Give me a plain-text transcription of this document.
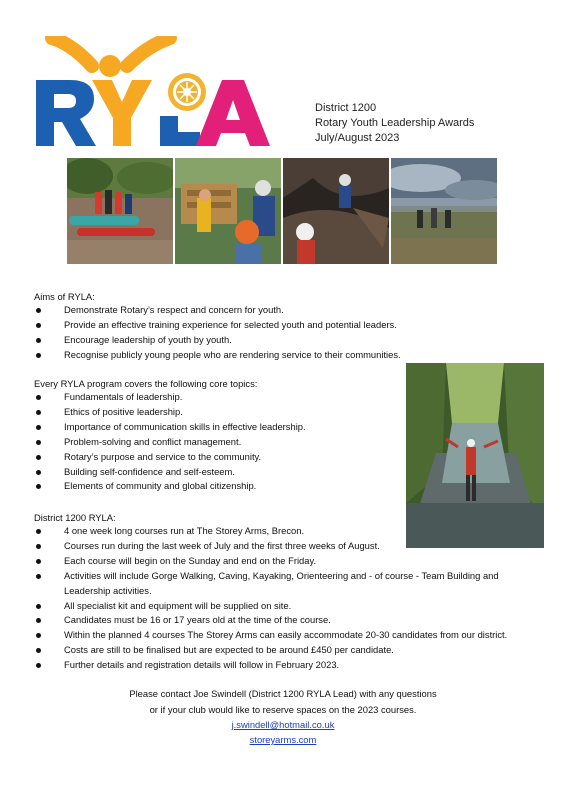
District 1200
Rotary Youth Leadership Awards
July/August 2023
Aims of RYLA:
Demonstrate Rotary’s respect and concern for youth.
Provide an effective training experience for selected youth and potential leaders.
Encourage leadership of youth by youth.
Recognise publicly young people who are rendering service to their communities.
Every RYLA program covers the following core topics:
Fundamentals of leadership.
Ethics of positive leadership.
Importance of communication skills in effective leadership.
Problem-solving and conflict management.
Rotary’s purpose and service to the community.
Building self-confidence and self-esteem.
Elements of community and global citizenship.
District 1200 RYLA:
4 one week long courses run at The Storey Arms, Brecon.
Courses run during the last week of July and the first three weeks of August.
Each course will begin on the Sunday and end on the Friday.
Activities will include Gorge Walking, Caving, Kayaking, Orienteering and - of course - Team Building and Leadership activities.
All specialist kit and equipment will be supplied on site.
Candidates must be 16 or 17 years old at the time of the course.
Within the planned 4 courses The Storey Arms can easily accommodate 20-30 candidates from our district.
Costs are still to be finalised but are expected to be around £450 per candidate.
Further details and registration details will follow in February 2023.
Please contact Joe Swindell (District 1200 RYLA Lead) with any questions
or if your club would like to reserve spaces on the 2023 courses.
j.swindell@hotmail.co.uk
storeyarms.com
